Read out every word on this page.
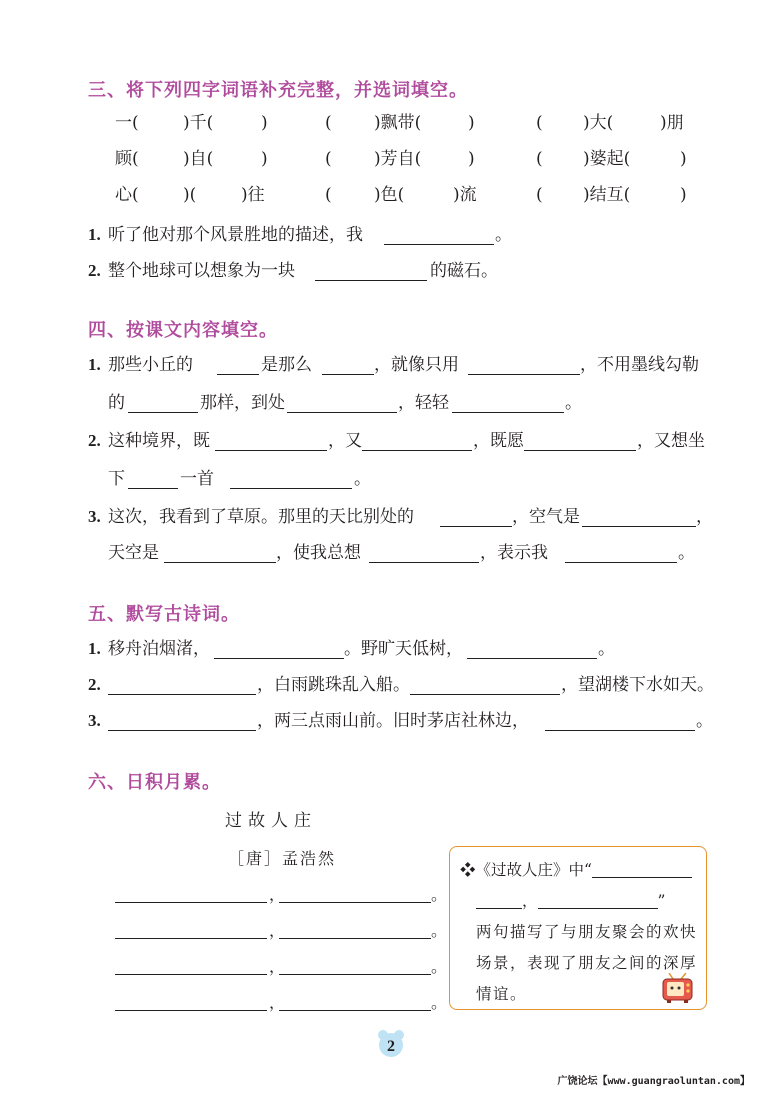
三、将下列四字词语补充完整，并选词填空。
一(	)千(	)	( )飘带(	)	( )大(	)朋
顾(	)自(	)	( )芳自(	)	( )婆起(	)
心(	)(	)往	( )色(	)流	( )结互(	)
1. 听了他对那个风景胜地的描述，我	。
2. 整个地球可以想象为一块	的磁石。
四、按课文内容填空。
1. 那些小丘的	是那么	，就像只用	，不用墨线勾勒
的	那样，到处	，轻轻	。
2. 这种境界，既	，又	，既愿	，又想坐
下	一首	。
3. 这次，我看到了草原。那里的天比别处的	，空气是	，
天空是	，使我总想	，表示我	。
五、默写古诗词。
1. 移舟泊烟渚，	。野旷天低树，	。
2.	，白雨跳珠乱入船。	，望湖楼下水如天。
3.	，两三点雨山前。旧时茅店社林边，	。
六、日积月累。
过故人庄
［唐］孟浩然
，	。
，	。
，	。
，	。
❖《过故人庄》中“
，	”
两句描写了与朋友聚会的欢快场景，表现了朋友之间的深厚情谊。
2
广饶论坛【www.guangraoluntan.com】
